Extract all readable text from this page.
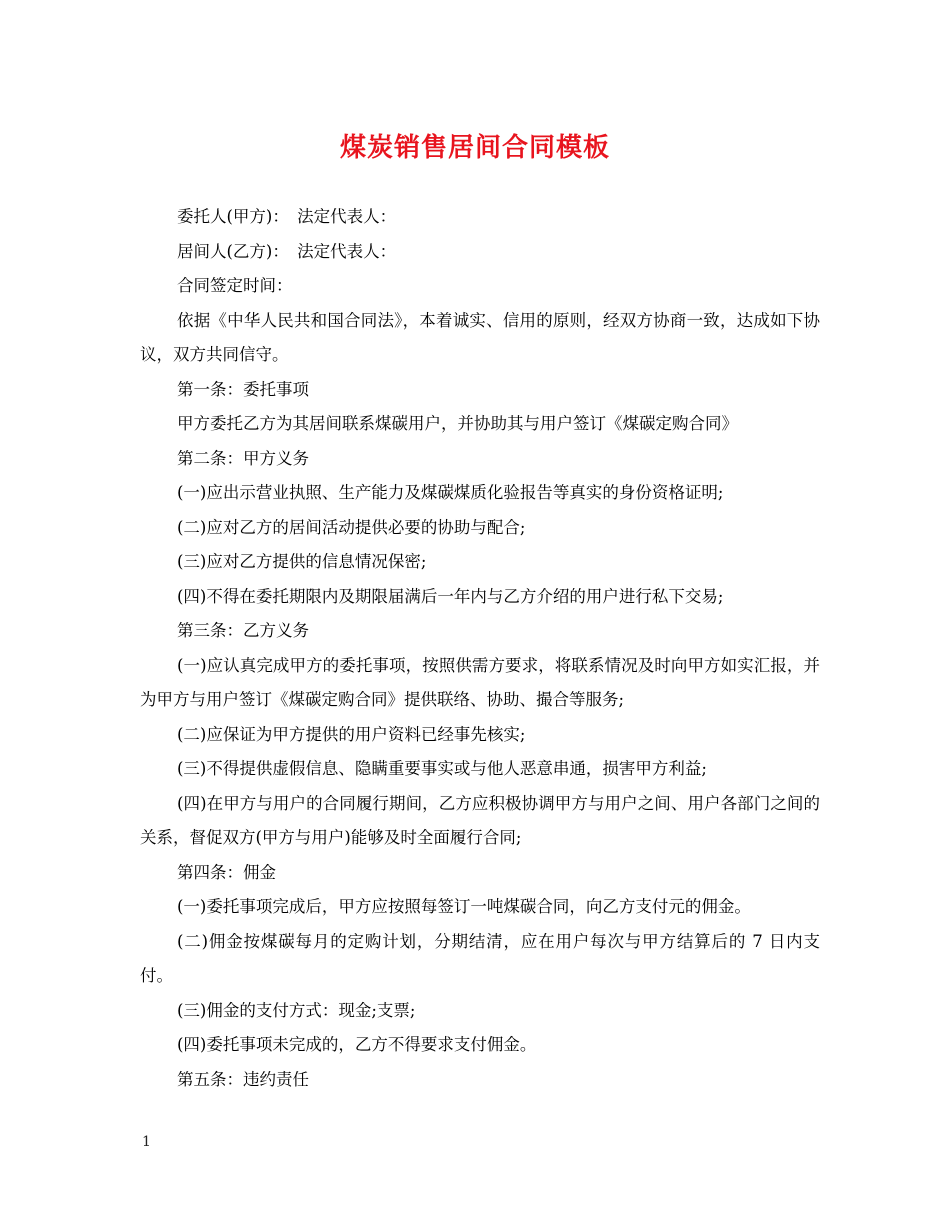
煤炭销售居间合同模板

委托人(甲方)：　法定代表人：

居间人(乙方)：　法定代表人：

合同签定时间：

依据《中华人民共和国合同法》，本着诚实、信用的原则，经双方协商一致，达成如下协议，双方共同信守。

第一条：委托事项

甲方委托乙方为其居间联系煤碳用户，并协助其与用户签订《煤碳定购合同》

第二条：甲方义务

(一)应出示营业执照、生产能力及煤碳煤质化验报告等真实的身份资格证明;

(二)应对乙方的居间活动提供必要的协助与配合;

(三)应对乙方提供的信息情况保密;

(四)不得在委托期限内及期限届满后一年内与乙方介绍的用户进行私下交易;

第三条：乙方义务

(一)应认真完成甲方的委托事项，按照供需方要求，将联系情况及时向甲方如实汇报，并为甲方与用户签订《煤碳定购合同》提供联络、协助、撮合等服务;

(二)应保证为甲方提供的用户资料已经事先核实;

(三)不得提供虚假信息、隐瞒重要事实或与他人恶意串通，损害甲方利益;

(四)在甲方与用户的合同履行期间，乙方应积极协调甲方与用户之间、用户各部门之间的关系，督促双方(甲方与用户)能够及时全面履行合同;

第四条：佣金

(一)委托事项完成后，甲方应按照每签订一吨煤碳合同，向乙方支付元的佣金。

(二)佣金按煤碳每月的定购计划，分期结清，应在用户每次与甲方结算后的 7 日内支付。

(三)佣金的支付方式：现金;支票;

(四)委托事项未完成的，乙方不得要求支付佣金。

第五条：违约责任

1
